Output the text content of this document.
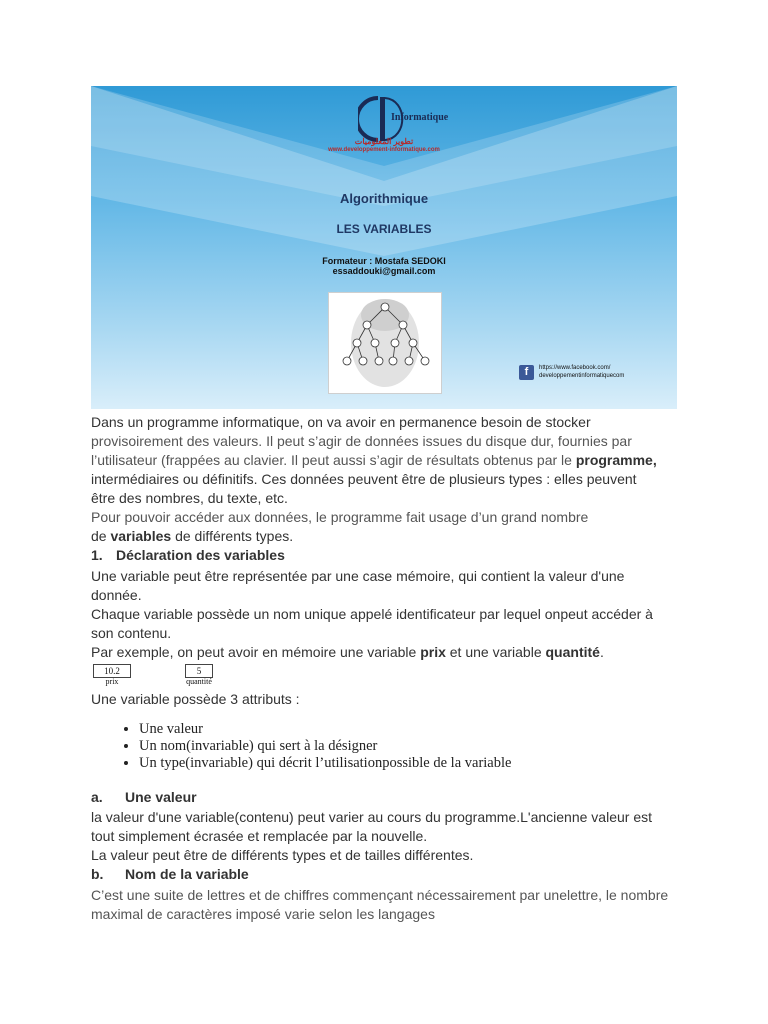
Informatique
تطوير المعلوميات
www.developpement-informatique.com
Algorithmique
LES VARIABLES
Formateur : Mostafa SEDOKI
essaddouki@gmail.com
f	https://www.facebook.com/
developpementinformatiquecom

Dans un programme informatique, on va avoir en permanence besoin de stocker

provisoirement des valeurs. Il peut s’agir de données issues du disque dur, fournies par

l’utilisateur (frappées au clavier. Il peut aussi s’agir de résultats obtenus par le programme,

intermédiaires ou définitifs. Ces données peuvent être de plusieurs types : elles peuvent

être des nombres, du texte, etc.

Pour pouvoir accéder aux données, le programme fait usage d’un grand nombre

de variables de différents types.

1. Déclaration des variables

Une variable peut être représentée par une case mémoire, qui contient la valeur d'une donnée.

Chaque variable possède un nom unique appelé identificateur par lequel onpeut accéder à son contenu.

Par exemple, on peut avoir en mémoire une variable prix et une variable quantité.

10.2
prix
5
quantité

Une variable possède 3 attributs :

• Une valeur
• Un nom(invariable) qui sert à la désigner
• Un type(invariable) qui décrit l’utilisationpossible de la variable

a. Une valeur

la valeur d'une variable(contenu) peut varier au cours du programme.L'ancienne valeur est tout simplement écrasée et remplacée par la nouvelle.

La valeur peut être de différents types et de tailles différentes.

b. Nom de la variable

C’est une suite de lettres et de chiffres commençant nécessairement par unelettre, le nombre maximal de caractères imposé varie selon les langages
